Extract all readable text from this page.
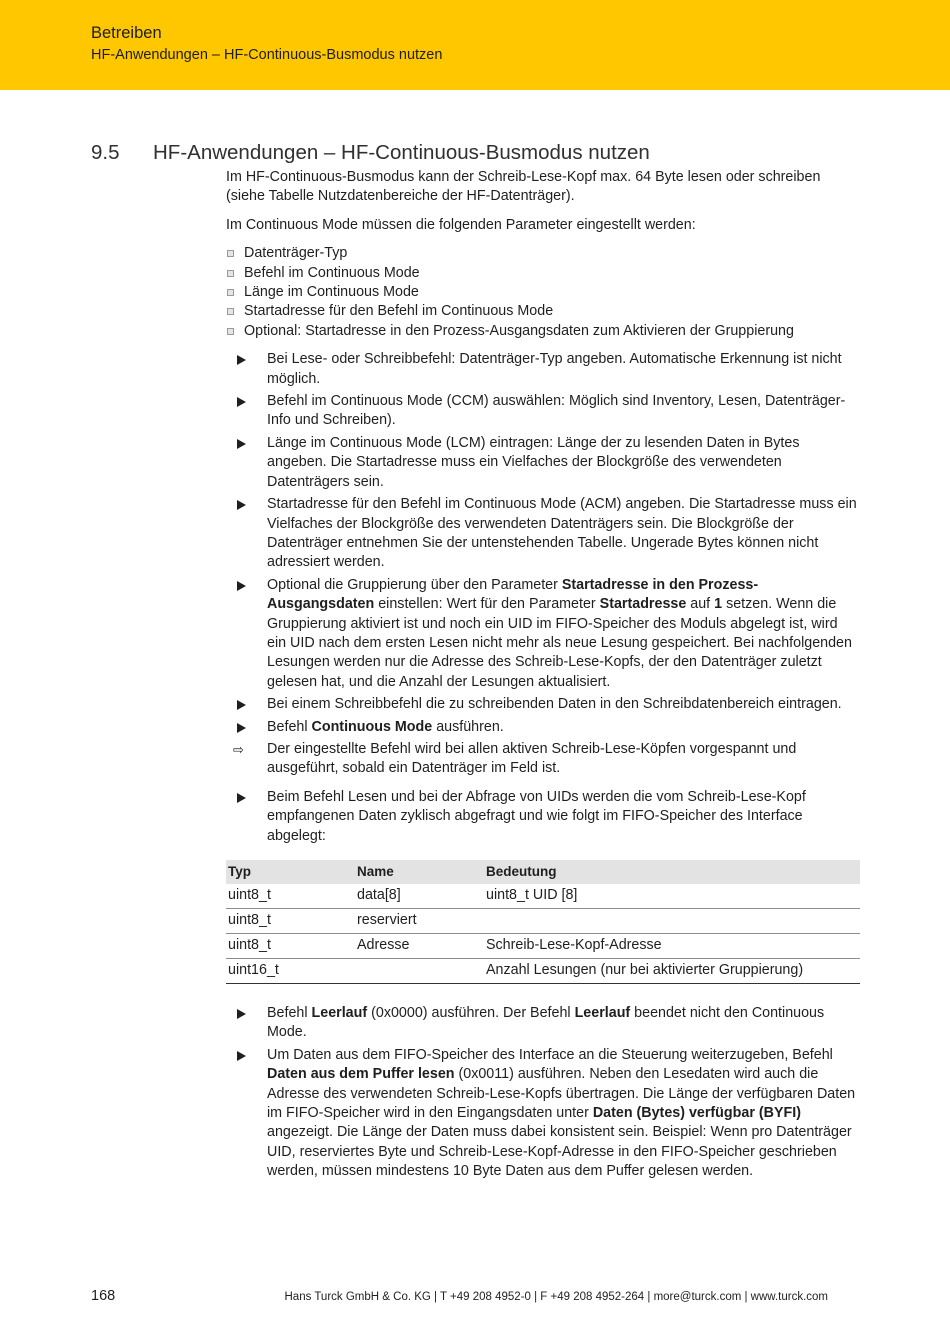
Betreiben
HF-Anwendungen – HF-Continuous-Busmodus nutzen
9.5 HF-Anwendungen – HF-Continuous-Busmodus nutzen

Im HF-Continuous-Busmodus kann der Schreib-Lese-Kopf max. 64 Byte lesen oder schreiben (siehe Tabelle Nutzdatenbereiche der HF-Datenträger).

Im Continuous Mode müssen die folgenden Parameter eingestellt werden:

Datenträger-Typ
Befehl im Continuous Mode
Länge im Continuous Mode
Startadresse für den Befehl im Continuous Mode
Optional: Startadresse in den Prozess-Ausgangsdaten zum Aktivieren der Gruppierung
Bei Lese- oder Schreibbefehl: Datenträger-Typ angeben. Automatische Erkennung ist nicht möglich.
Befehl im Continuous Mode (CCM) auswählen: Möglich sind Inventory, Lesen, Datenträger-Info und Schreiben).
Länge im Continuous Mode (LCM) eintragen: Länge der zu lesenden Daten in Bytes angeben. Die Startadresse muss ein Vielfaches der Blockgröße des verwendeten Datenträgers sein.
Startadresse für den Befehl im Continuous Mode (ACM) angeben. Die Startadresse muss ein Vielfaches der Blockgröße des verwendeten Datenträgers sein. Die Blockgröße der Datenträger entnehmen Sie der untenstehenden Tabelle. Ungerade Bytes können nicht adressiert werden.
Optional die Gruppierung über den Parameter Startadresse in den Prozess-Ausgangsdaten einstellen: Wert für den Parameter Startadresse auf 1 setzen. Wenn die Gruppierung aktiviert ist und noch ein UID im FIFO-Speicher des Moduls abgelegt ist, wird ein UID nach dem ersten Lesen nicht mehr als neue Lesung gespeichert. Bei nachfolgenden Lesungen werden nur die Adresse des Schreib-Lese-Kopfs, der den Datenträger zuletzt gelesen hat, und die Anzahl der Lesungen aktualisiert.
Bei einem Schreibbefehl die zu schreibenden Daten in den Schreibdatenbereich eintragen.
Befehl Continuous Mode ausführen.
⇨ Der eingestellte Befehl wird bei allen aktiven Schreib-Lese-Köpfen vorgespannt und ausgeführt, sobald ein Datenträger im Feld ist.
Beim Befehl Lesen und bei der Abfrage von UIDs werden die vom Schreib-Lese-Kopf empfangenen Daten zyklisch abgefragt und wie folgt im FIFO-Speicher des Interface abgelegt:
Typ	Name	Bedeutung
uint8_t	data[8]	uint8_t UID [8]
uint8_t	reserviert	
uint8_t	Adresse	Schreib-Lese-Kopf-Adresse
uint16_t		Anzahl Lesungen (nur bei aktivierter Gruppierung)
Befehl Leerlauf (0x0000) ausführen. Der Befehl Leerlauf beendet nicht den Continuous Mode.
Um Daten aus dem FIFO-Speicher des Interface an die Steuerung weiterzugeben, Befehl Daten aus dem Puffer lesen (0x0011) ausführen. Neben den Lesedaten wird auch die Adresse des verwendeten Schreib-Lese-Kopfs übertragen. Die Länge der verfügbaren Daten im FIFO-Speicher wird in den Eingangsdaten unter Daten (Bytes) verfügbar (BYFI) angezeigt. Die Länge der Daten muss dabei konsistent sein. Beispiel: Wenn pro Datenträger UID, reserviertes Byte und Schreib-Lese-Kopf-Adresse in den FIFO-Speicher geschrieben werden, müssen mindestens 10 Byte Daten aus dem Puffer gelesen werden.
168	Hans Turck GmbH & Co. KG | T +49 208 4952-0 | F +49 208 4952-264 | more@turck.com | www.turck.com
